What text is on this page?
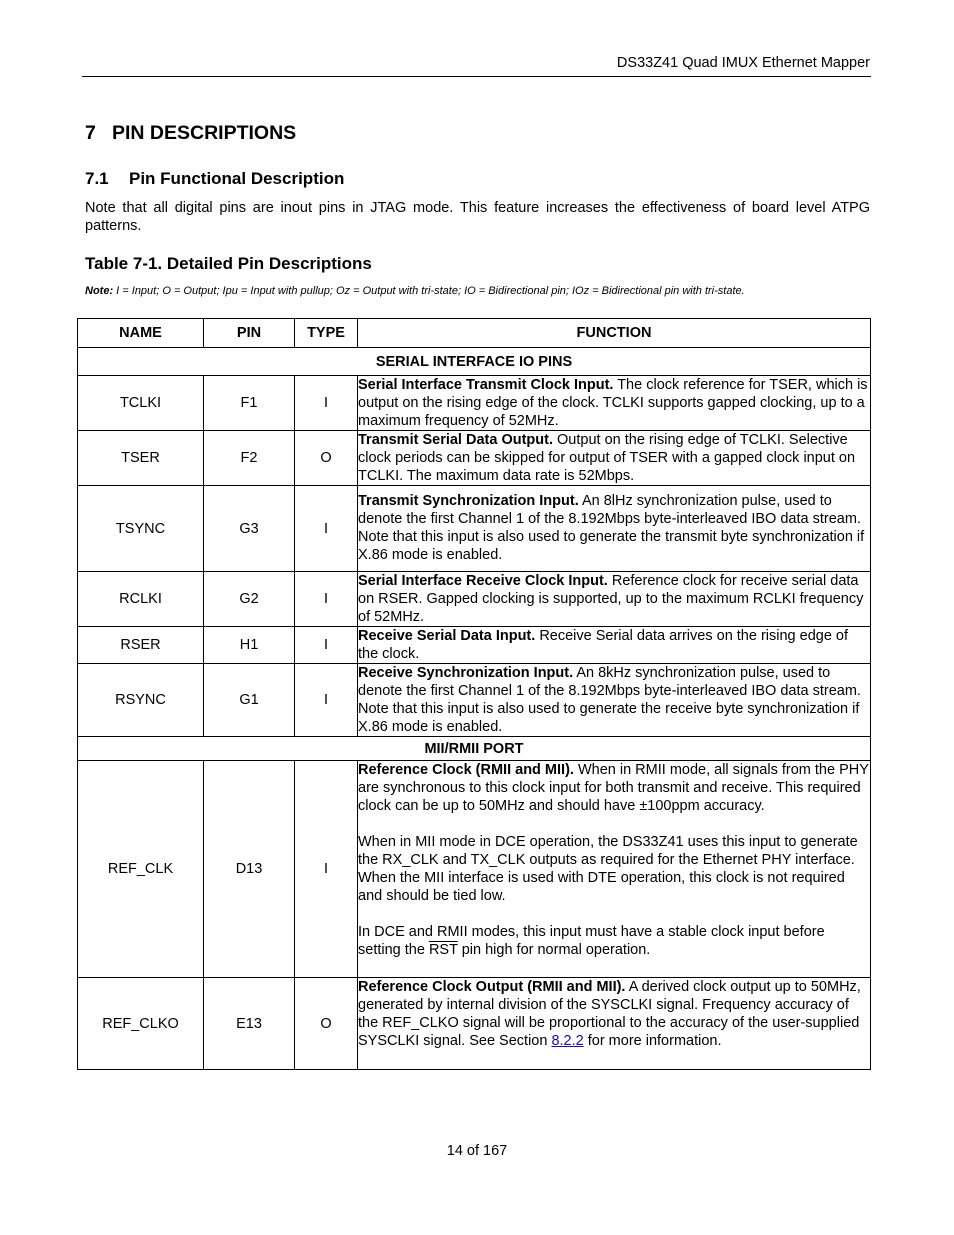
DS33Z41 Quad IMUX Ethernet Mapper
7 PIN DESCRIPTIONS
7.1 Pin Functional Description
Note that all digital pins are inout pins in JTAG mode. This feature increases the effectiveness of board level ATPG patterns.
Table 7-1. Detailed Pin Descriptions
Note: I = Input; O = Output; Ipu = Input with pullup; Oz = Output with tri-state; IO = Bidirectional pin; IOz = Bidirectional pin with tri-state.
NAME	PIN	TYPE	FUNCTION
SERIAL INTERFACE IO PINS			
TCLKI	F1	I	Serial Interface Transmit Clock Input. The clock reference for TSER, which is output on the rising edge of the clock. TCLKI supports gapped clocking, up to a maximum frequency of 52MHz.
TSER	F2	O	Transmit Serial Data Output. Output on the rising edge of TCLKI. Selective clock periods can be skipped for output of TSER with a gapped clock input on TCLKI. The maximum data rate is 52Mbps.
TSYNC	G3	I	Transmit Synchronization Input. An 8lHz synchronization pulse, used to denote the first Channel 1 of the 8.192Mbps byte-interleaved IBO data stream. Note that this input is also used to generate the transmit byte synchronization if X.86 mode is enabled.
RCLKI	G2	I	Serial Interface Receive Clock Input. Reference clock for receive serial data on RSER. Gapped clocking is supported, up to the maximum RCLKI frequency of 52MHz.
RSER	H1	I	Receive Serial Data Input. Receive Serial data arrives on the rising edge of the clock.
RSYNC	G1	I	Receive Synchronization Input. An 8kHz synchronization pulse, used to denote the first Channel 1 of the 8.192Mbps byte-interleaved IBO data stream. Note that this input is also used to generate the receive byte synchronization if X.86 mode is enabled.
MII/RMII PORT			
REF_CLK	D13	I	Reference Clock (RMII and MII). When in RMII mode, all signals from the PHY are synchronous to this clock input for both transmit and receive. This required clock can be up to 50MHz and should have ±100ppm accuracy.
When in MII mode in DCE operation, the DS33Z41 uses this input to generate the RX_CLK and TX_CLK outputs as required for the Ethernet PHY interface. When the MII interface is used with DTE operation, this clock is not required and should be tied low.
In DCE and RMII modes, this input must have a stable clock input before setting the $\overline{RST}$ pin high for normal operation.

REF_CLKO	E13	O	Reference Clock Output (RMII and MII). A derived clock output up to 50MHz, generated by internal division of the SYSCLKI signal. Frequency accuracy of the REF_CLKO signal will be proportional to the accuracy of the user-supplied SYSCLKI signal. See Section 8.2.2 for more information.
14 of 167
